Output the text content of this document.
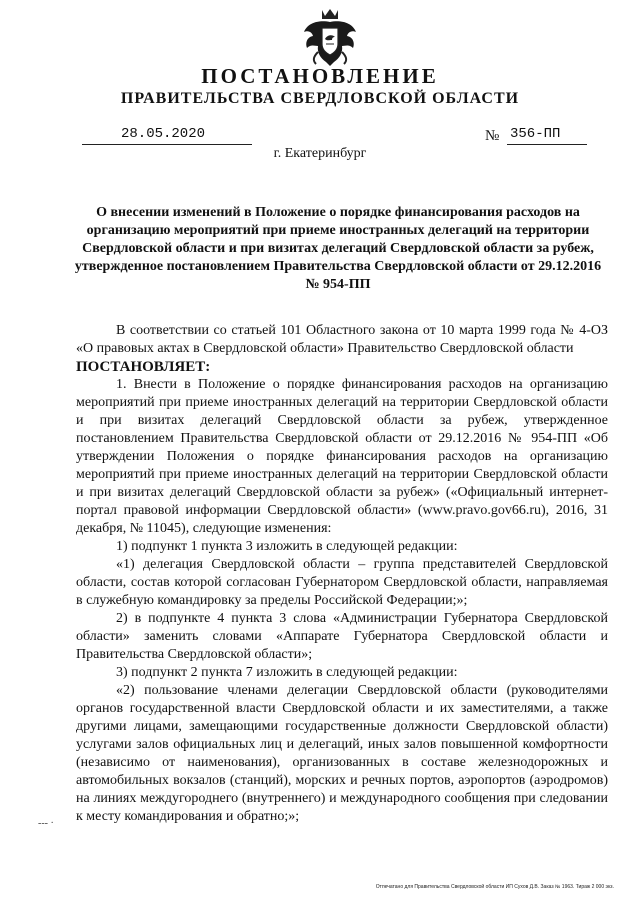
ПОСТАНОВЛЕНИЕ
ПРАВИТЕЛЬСТВА СВЕРДЛОВСКОЙ ОБЛАСТИ
28.05.2020	№ 356-ПП
г. Екатеринбург
О внесении изменений в Положение о порядке финансирования расходов на организацию мероприятий при приеме иностранных делегаций на территории Свердловской области и при визитах делегаций Свердловской области за рубеж, утвержденное постановлением Правительства Свердловской области от 29.12.2016 № 954-ПП

В соответствии со статьей 101 Областного закона от 10 марта 1999 года № 4-ОЗ «О правовых актах в Свердловской области» Правительство Свердловской области

ПОСТАНОВЛЯЕТ:

1. Внести в Положение о порядке финансирования расходов на организацию мероприятий при приеме иностранных делегаций на территории Свердловской области и при визитах делегаций Свердловской области за рубеж, утвержденное постановлением Правительства Свердловской области от 29.12.2016 № 954-ПП «Об утверждении Положения о порядке финансирования расходов на организацию мероприятий при приеме иностранных делегаций на территории Свердловской области и при визитах делегаций Свердловской области за рубеж» («Официальный интернет-портал правовой информации Свердловской области» (www.pravo.gov66.ru), 2016, 31 декабря, № 11045), следующие изменения:

1) подпункт 1 пункта 3 изложить в следующей редакции:

«1) делегация Свердловской области – группа представителей Свердловской области, состав которой согласован Губернатором Свердловской области, направляемая в служебную командировку за пределы Российской Федерации;»;

2) в подпункте 4 пункта 3 слова «Администрации Губернатора Свердловской области» заменить словами «Аппарате Губернатора Свердловской области и Правительства Свердловской области»;

3) подпункт 2 пункта 7 изложить в следующей редакции:

«2) пользование членами делегации Свердловской области (руководителями органов государственной власти Свердловской области и их заместителями, а также другими лицами, замещающими государственные должности Свердловской области) услугами залов официальных лиц и делегаций, иных залов повышенной комфортности (независимо от наименования), организованных в составе железнодорожных и автомобильных вокзалов (станций), морских и речных портов, аэропортов (аэродромов) на линиях междугороднего (внутреннего) и международного сообщения при следовании к месту командирования и обратно;»;

--- ·
Отпечатано для Правительства Свердловской области ИП Сухов Д.В. Заказ № 1963. Тираж 2 000 экз.
